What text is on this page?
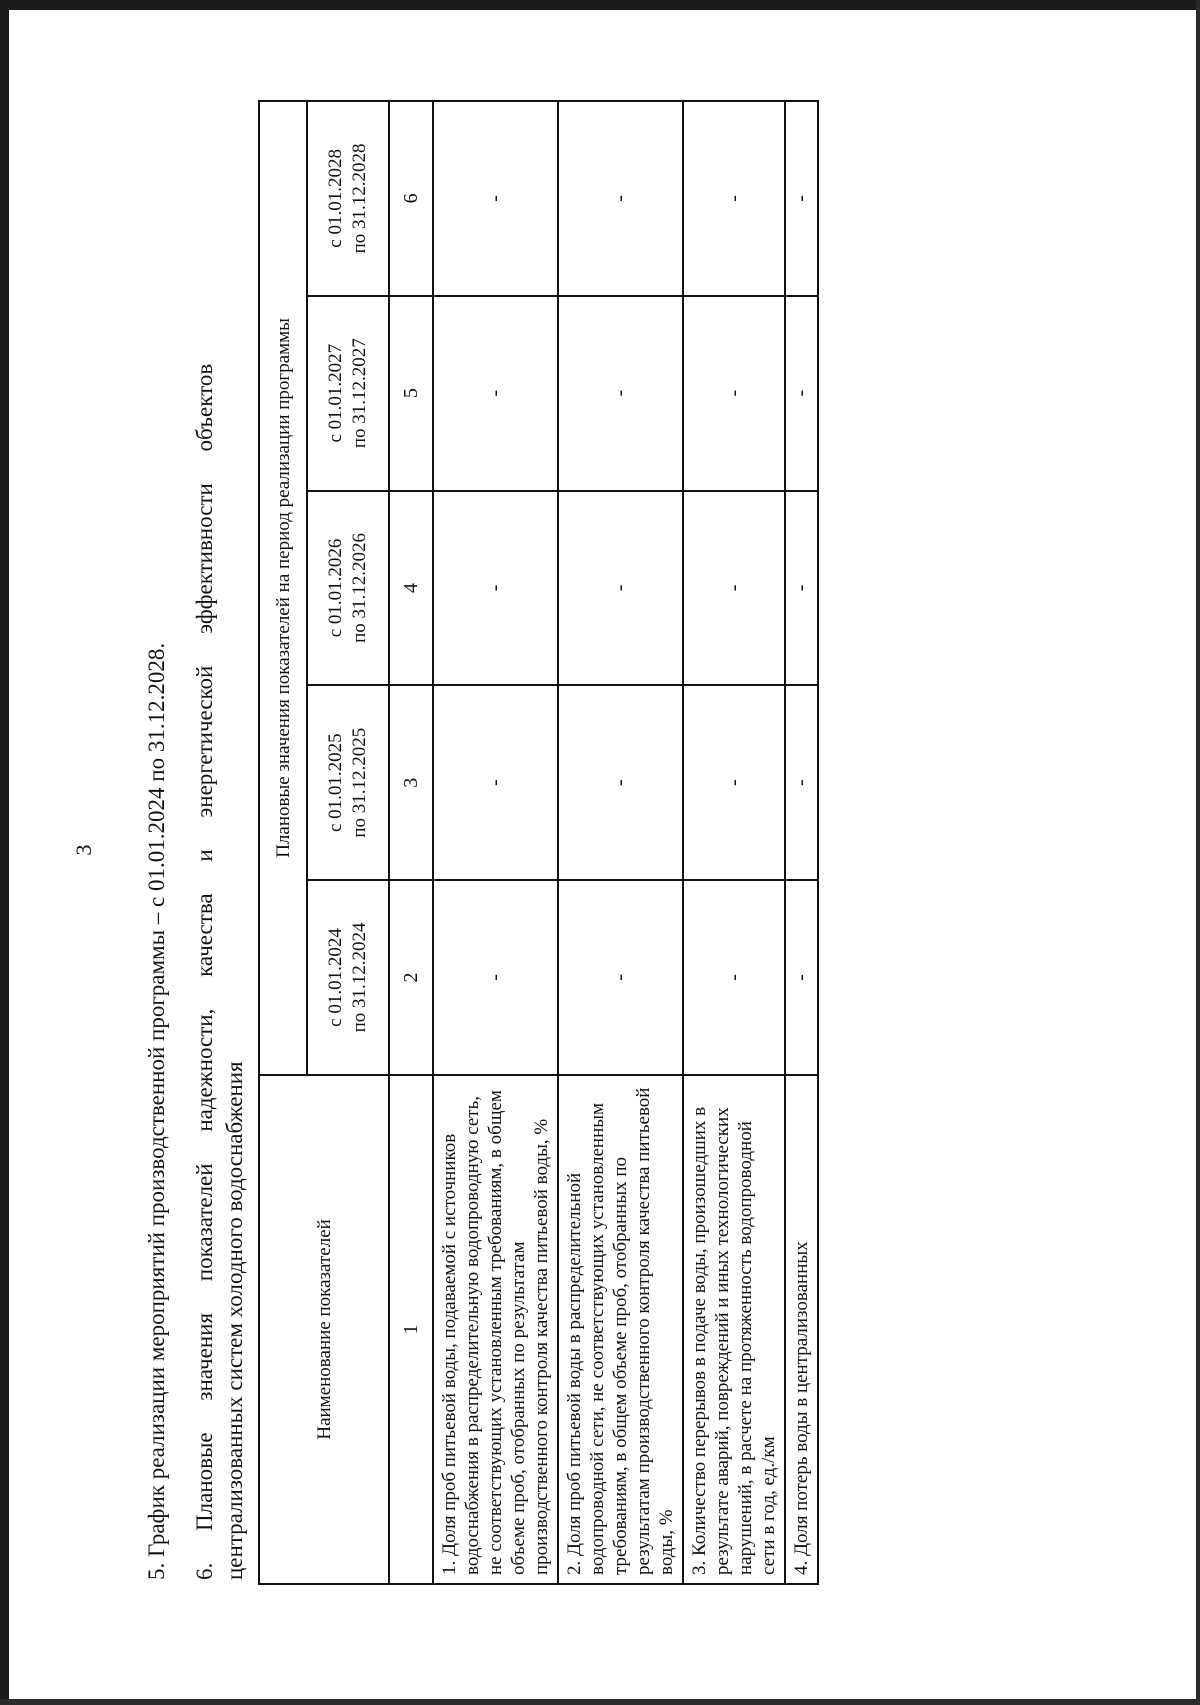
3 5. График реализации мероприятий производственной программы – с 01.01.2024 по 31.12.2028. 6. Плановые значения показателей надежности, качества и энергетической эффективности объектов централизованных систем холодного водоснабжения	Наименование показателей	Плановые значения показателей на период реализации программы				
	с 01.01.2024 по 31.12.2024	с 01.01.2025 по 31.12.2025	с 01.01.2026 по 31.12.2026	с 01.01.2027 по 31.12.2027	с 01.01.2028 по 31.12.2028
1	2	3	4	5	6
1. Доля проб питьевой воды, подаваемой с источников водоснабжения в распределительную водопроводную сеть, не соответствующих установленным требованиям, в общем объеме проб, отобранных по результатам производственного контроля качества питьевой воды, %	-	-	-	-	-
2. Доля проб питьевой воды в распределительной водопроводной сети, не соответствующих установленным требованиям, в общем объеме проб, отобранных по результатам производственного контроля качества питьевой воды, %	-	-	-	-	-
3. Количество перерывов в подаче воды, произошедших в результате аварий, повреждений и иных технологических нарушений, в расчете на протяженность водопроводной сети в год, ед./км	-	-	-	-	-
4. Доля потерь воды в централизованных	-	-	-	-	-
